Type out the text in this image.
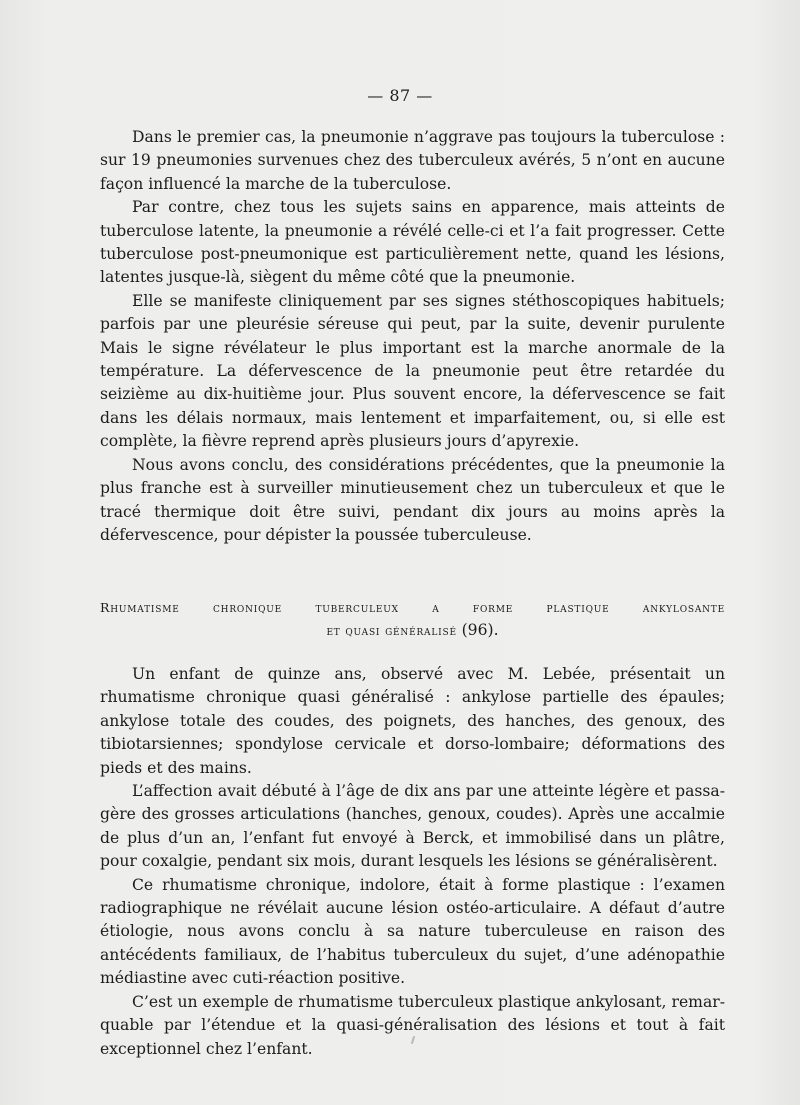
— 87 —

Dans le premier cas, la pneumonie n’aggrave pas toujours la tuberculose : sur 19 pneumonies survenues chez des tuberculeux avérés, 5 n’ont en aucune façon influencé la marche de la tuberculose.

Par contre, chez tous les sujets sains en apparence, mais atteints de tuberculose latente, la pneumonie a révélé celle-ci et l’a fait progresser. Cette tuberculose post-pneumonique est particulièrement nette, quand les lésions, latentes jusque-là, siègent du même côté que la pneumonie.

Elle se manifeste cliniquement par ses signes stéthoscopiques habituels; parfois par une pleurésie séreuse qui peut, par la suite, devenir purulente Mais le signe révélateur le plus important est la marche anormale de la température. La défervescence de la pneumonie peut être retardée du seizième au dix-huitième jour. Plus souvent encore, la défervescence se fait dans les délais normaux, mais lentement et imparfaitement, ou, si elle est complète, la fièvre reprend après plusieurs jours d’apyrexie.

Nous avons conclu, des considérations précédentes, que la pneumonie la plus franche est à surveiller minutieusement chez un tuberculeux et que le tracé thermique doit être suivi, pendant dix jours au moins après la défervescence, pour dépister la poussée tuberculeuse.

Rhumatisme chronique tuberculeux a forme plastique ankylosante
et quasi généralisé (96).

Un enfant de quinze ans, observé avec M. Lebée, présentait un rhumatisme chronique quasi généralisé : ankylose partielle des épaules; ankylose totale des coudes, des poignets, des hanches, des genoux, des tibiotarsiennes; spondylose cervicale et dorso-lombaire; déformations des pieds et des mains.

L’affection avait débuté à l’âge de dix ans par une atteinte légère et passagère des grosses articulations (hanches, genoux, coudes). Après une accalmie de plus d’un an, l’enfant fut envoyé à Berck, et immobilisé dans un plâtre, pour coxalgie, pendant six mois, durant lesquels les lésions se généralisèrent.

Ce rhumatisme chronique, indolore, était à forme plastique : l’examen radiographique ne révélait aucune lésion ostéo-articulaire. A défaut d’autre étiologie, nous avons conclu à sa nature tuberculeuse en raison des antécédents familiaux, de l’habitus tuberculeux du sujet, d’une adénopathie médiastine avec cuti-réaction positive.

C’est un exemple de rhumatisme tuberculeux plastique ankylosant, remarquable par l’étendue et la quasi-généralisation des lésions et tout à fait exceptionnel chez l’enfant.
